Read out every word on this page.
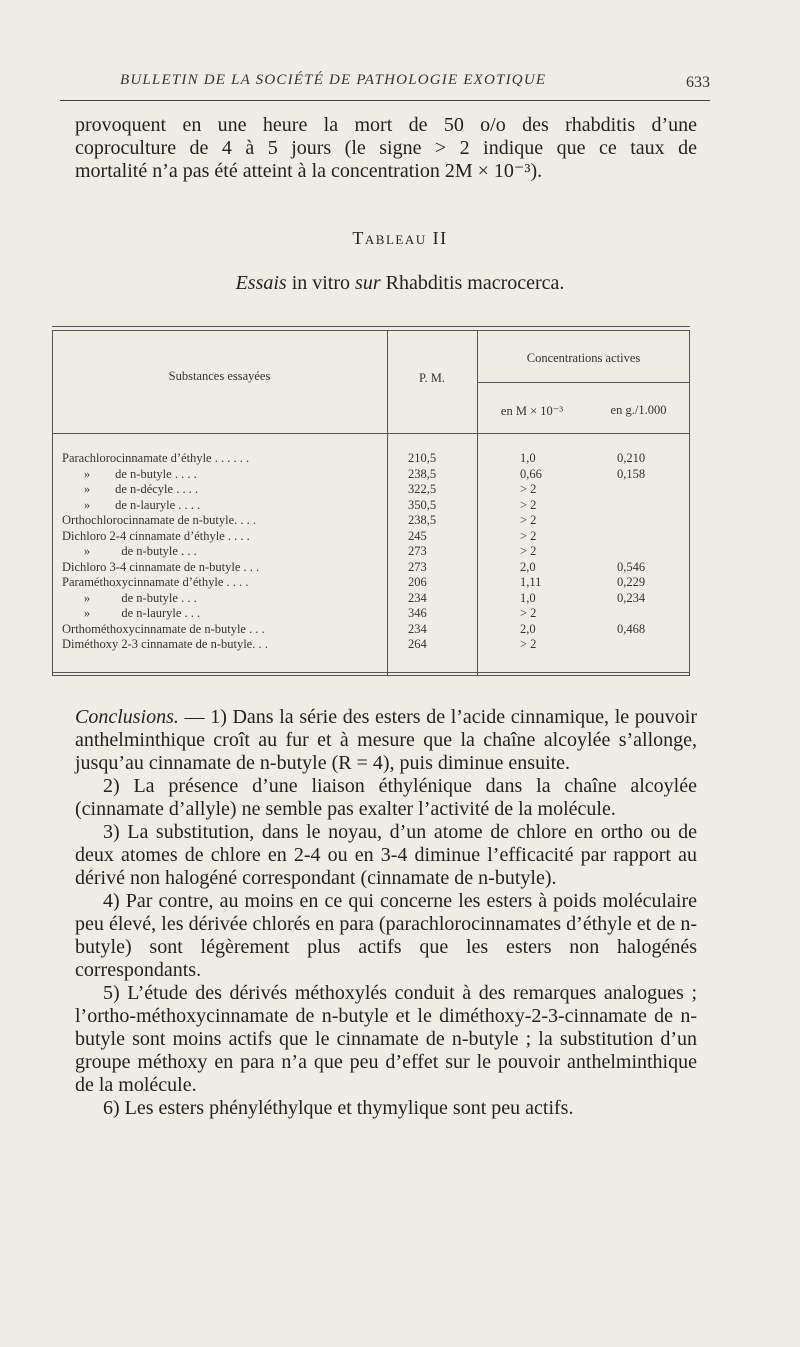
BULLETIN DE LA SOCIÉTÉ DE PATHOLOGIE EXOTIQUE	633
provoquent en une heure la mort de 50 o/o des rhabditis d’une
coproculture de 4 à 5 jours (le signe > 2 indique que ce taux de
mortalité n’a pas été atteint à la concentration 2M × 10⁻³).
Tableau II
Essais in vitro sur Rhabditis macrocerca.
Substances essayées	P. M.
Concentrations actives
en M × 10⁻³	en g./1.000
Parachlorocinnamate d’éthyle . . . . . .	210,5	1,0	0,210
»        de n-butyle . . . .	238,5	0,66	0,158
»        de n-décyle . . . .	322,5	> 2
»        de n-lauryle . . . .	350,5	> 2
Orthochlorocinnamate de n-butyle. . . .	238,5	> 2
Dichloro 2-4 cinnamate d’éthyle . . . .	245	> 2
»          de n-butyle . . .	273	> 2
Dichloro 3-4 cinnamate de n-butyle . . .	273	2,0	0,546
Paraméthoxycinnamate d’éthyle . . . .	206	1,11	0,229
»          de n-butyle . . .	234	1,0	0,234
»          de n-lauryle . . .	346	> 2
Orthométhoxycinnamate de n-butyle . . .	234	2,0	0,468
Diméthoxy 2-3 cinnamate de n-butyle. . .	264	> 2

Conclusions. — 1) Dans la série des esters de l’acide cinnamique, le pouvoir anthelminthique croît au fur et à mesure que la chaîne alcoylée s’allonge, jusqu’au cinnamate de n-butyle (R = 4), puis diminue ensuite.

2) La présence d’une liaison éthylénique dans la chaîne alcoylée (cinnamate d’allyle) ne semble pas exalter l’activité de la molécule.

3) La substitution, dans le noyau, d’un atome de chlore en ortho ou de deux atomes de chlore en 2-4 ou en 3-4 diminue l’efficacité par rapport au dérivé non halogéné correspondant (cinnamate de n-butyle).

4) Par contre, au moins en ce qui concerne les esters à poids moléculaire peu élevé, les dérivée chlorés en para (parachlorocinnamates d’éthyle et de n-butyle) sont légèrement plus actifs que les esters non halogénés correspondants.

5) L’étude des dérivés méthoxylés conduit à des remarques analogues ; l’ortho-méthoxycinnamate de n-butyle et le diméthoxy-2-3-cinnamate de n-butyle sont moins actifs que le cinnamate de n-butyle ; la substitution d’un groupe méthoxy en para n’a que peu d’effet sur le pouvoir anthelminthique de la molécule.

6) Les esters phényléthylque et thymylique sont peu actifs.
